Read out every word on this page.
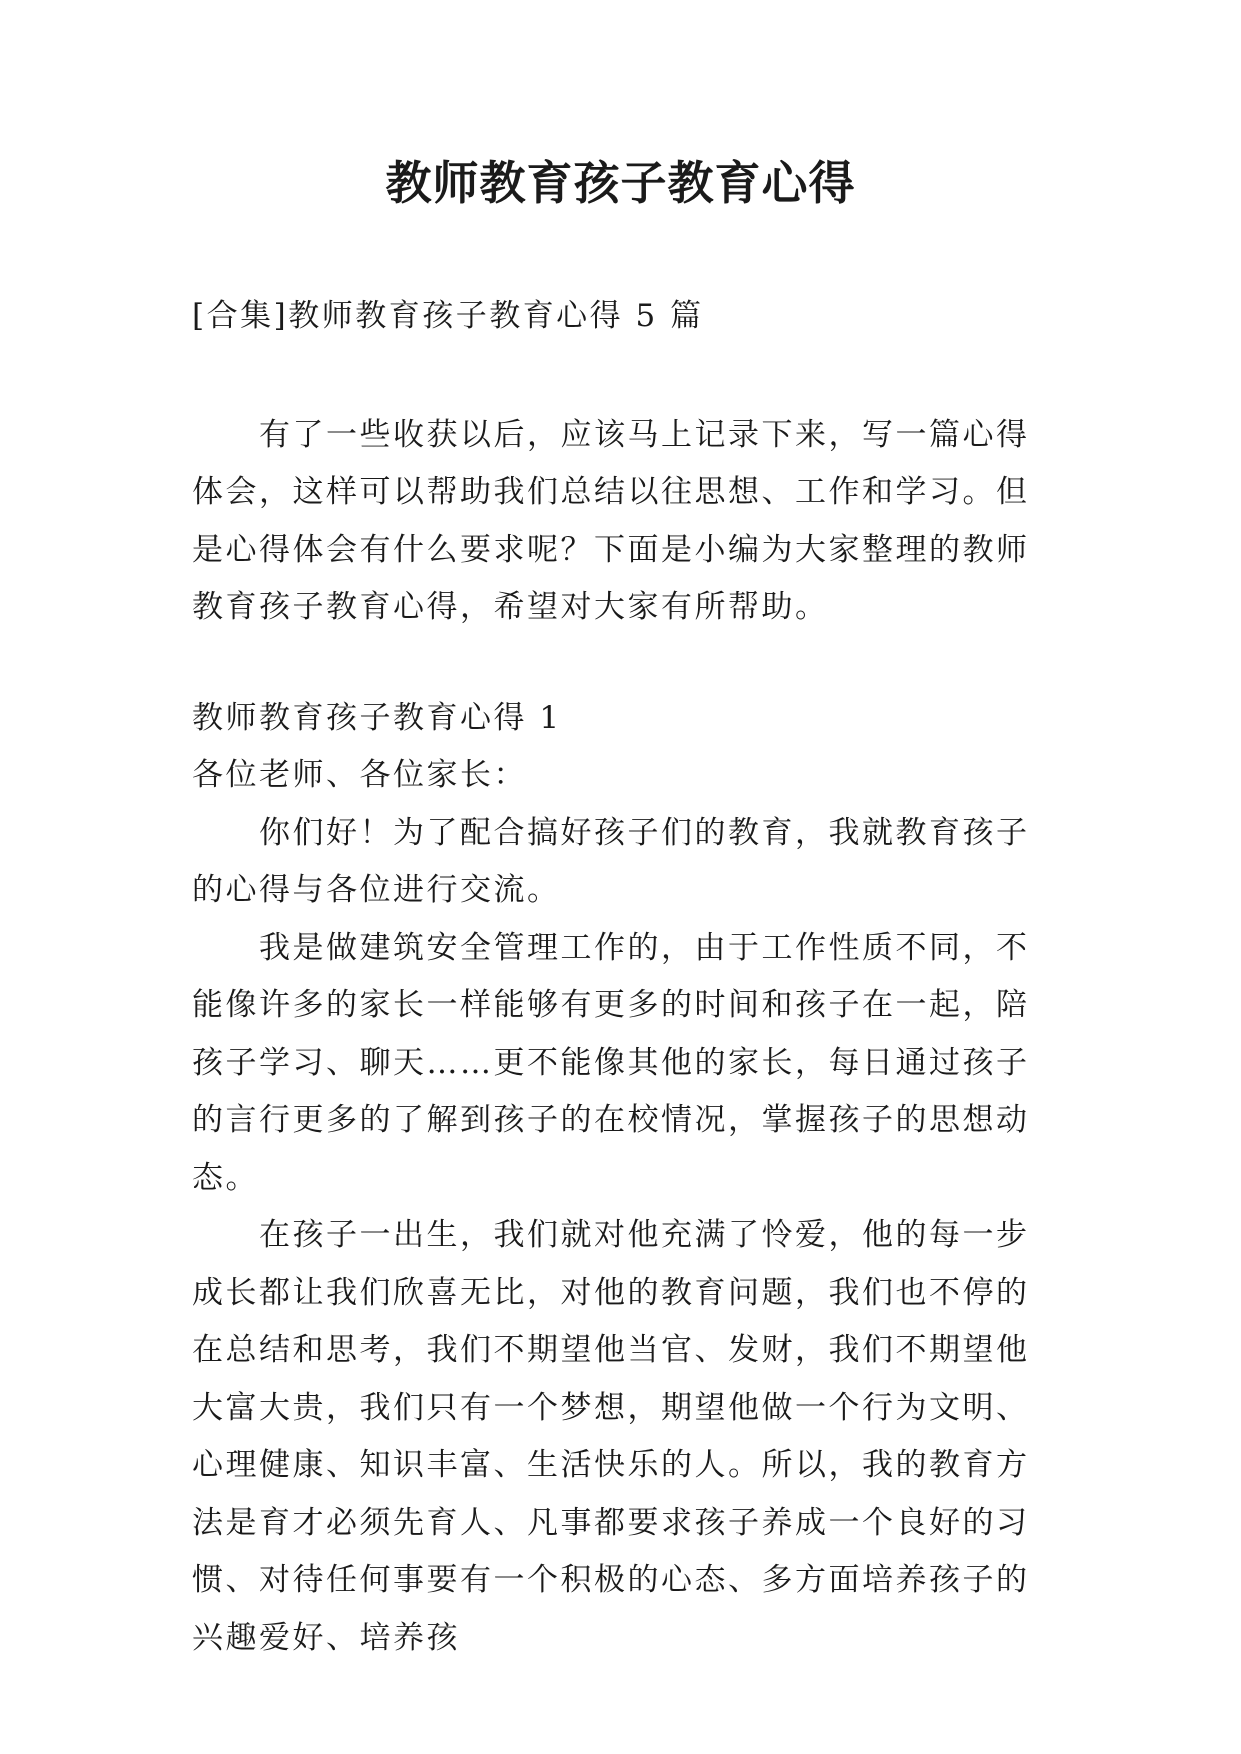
教师教育孩子教育心得

[合集]教师教育孩子教育心得 5 篇

有了一些收获以后，应该马上记录下来，写一篇心得体会，这样可以帮助我们总结以往思想、工作和学习。但是心得体会有什么要求呢？下面是小编为大家整理的教师教育孩子教育心得，希望对大家有所帮助。

教师教育孩子教育心得 1

各位老师、各位家长：

你们好！为了配合搞好孩子们的教育，我就教育孩子的心得与各位进行交流。

我是做建筑安全管理工作的，由于工作性质不同，不能像许多的家长一样能够有更多的时间和孩子在一起，陪孩子学习、聊天……更不能像其他的家长，每日通过孩子的言行更多的了解到孩子的在校情况，掌握孩子的思想动态。

在孩子一出生，我们就对他充满了怜爱，他的每一步成长都让我们欣喜无比，对他的教育问题，我们也不停的在总结和思考，我们不期望他当官、发财，我们不期望他大富大贵，我们只有一个梦想，期望他做一个行为文明、心理健康、知识丰富、生活快乐的人。所以，我的教育方法是育才必须先育人、凡事都要求孩子养成一个良好的习惯、对待任何事要有一个积极的心态、多方面培养孩子的兴趣爱好、培养孩
